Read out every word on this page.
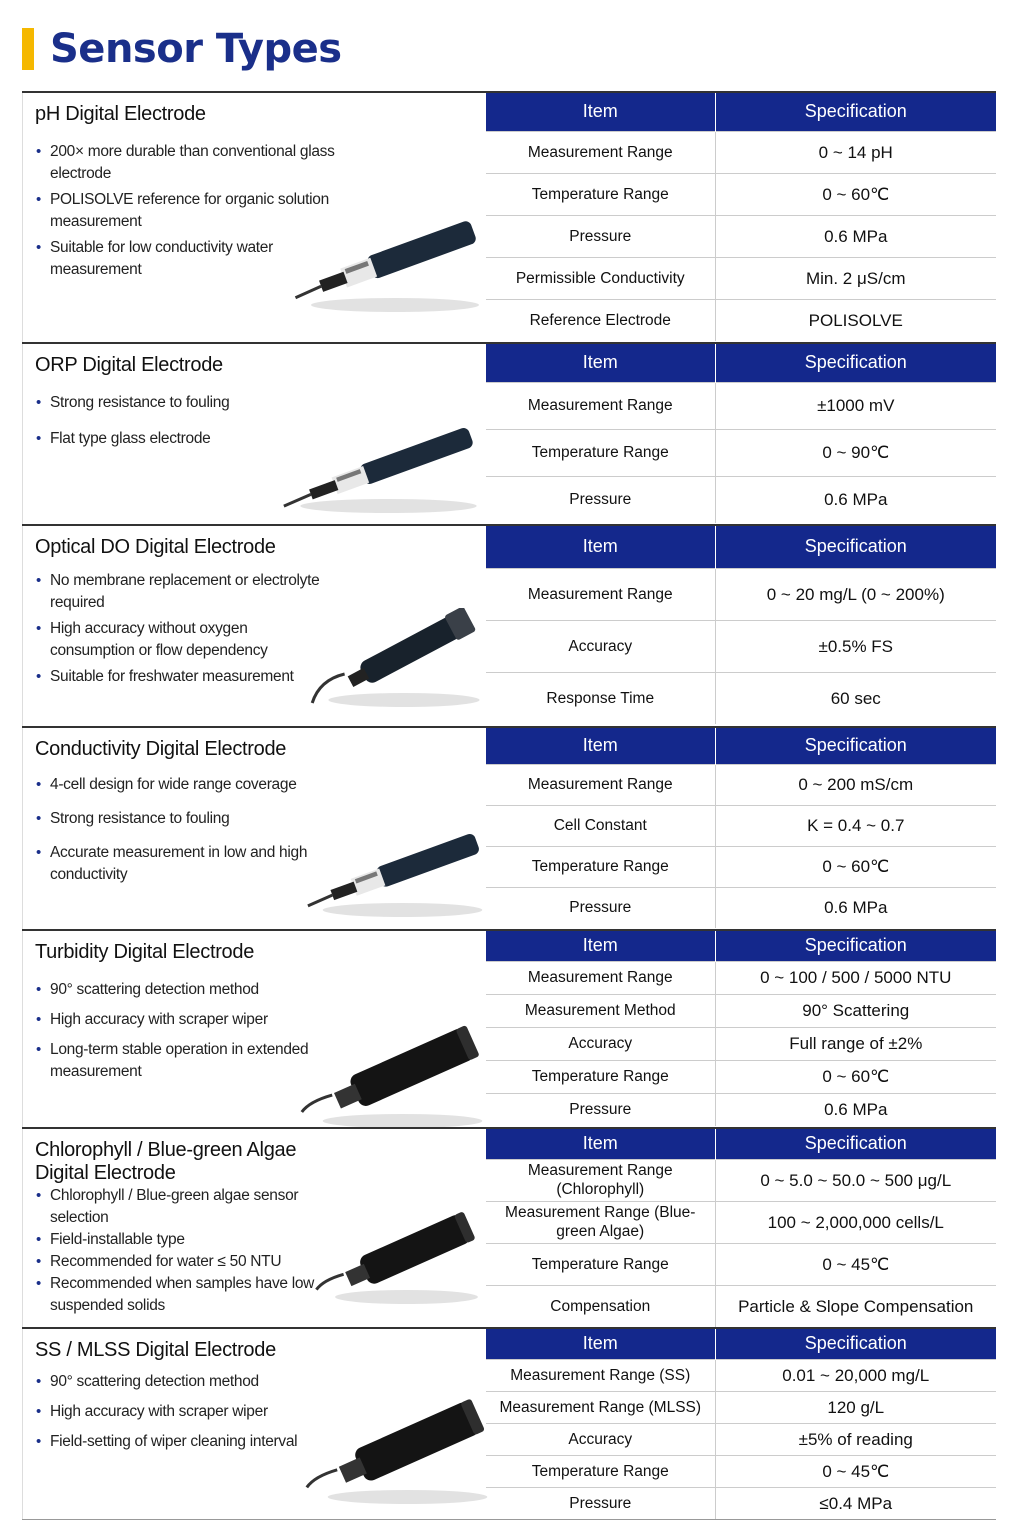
Sensor Types
pH Digital Electrode
• 200× more durable than conventional glass electrode
• POLISOLVE reference for organic solution measurement
• Suitable for low conductivity water measurement
Item	Specification
Measurement Range	0 ~ 14 pH
Temperature Range	0 ~ 60℃
Pressure	0.6 MPa
Permissible Conductivity	Min. 2 μS/cm
Reference Electrode	POLISOLVE
ORP Digital Electrode
• Strong resistance to fouling
• Flat type glass electrode
Item	Specification
Measurement Range	±1000 mV
Temperature Range	0 ~ 90℃
Pressure	0.6 MPa
Optical DO Digital Electrode
• No membrane replacement or electrolyte required
• High accuracy without oxygen consumption or flow dependency
• Suitable for freshwater measurement
Item	Specification
Measurement Range	0 ~ 20 mg/L (0 ~ 200%)
Accuracy	±0.5% FS
Response Time	60 sec
Conductivity Digital Electrode
• 4-cell design for wide range coverage
• Strong resistance to fouling
• Accurate measurement in low and high conductivity
Item	Specification
Measurement Range	0 ~ 200 mS/cm
Cell Constant	K = 0.4 ~ 0.7
Temperature Range	0 ~ 60℃
Pressure	0.6 MPa
Turbidity Digital Electrode
• 90° scattering detection method
• High accuracy with scraper wiper
• Long-term stable operation in extended measurement
Item	Specification
Measurement Range	0 ~ 100 / 500 / 5000 NTU
Measurement Method	90° Scattering
Accuracy	Full range of ±2%
Temperature Range	0 ~ 60℃
Pressure	0.6 MPa
Chlorophyll / Blue-green Algae Digital Electrode
• Chlorophyll / Blue-green algae sensor selection
• Field-installable type
• Recommended for water ≤ 50 NTU
• Recommended when samples have low suspended solids
Item	Specification
Measurement Range (Chlorophyll)	0 ~ 5.0 ~ 50.0 ~ 500 μg/L
Measurement Range (Blue-green Algae)	100 ~ 2,000,000 cells/L
Temperature Range	0 ~ 45℃
Compensation	Particle & Slope Compensation
SS / MLSS Digital Electrode
• 90° scattering detection method
• High accuracy with scraper wiper
• Field-setting of wiper cleaning interval
Item	Specification
Measurement Range (SS)	0.01 ~ 20,000 mg/L
Measurement Range (MLSS)	120 g/L
Accuracy	±5% of reading
Temperature Range	0 ~ 45℃
Pressure	≤0.4 MPa
